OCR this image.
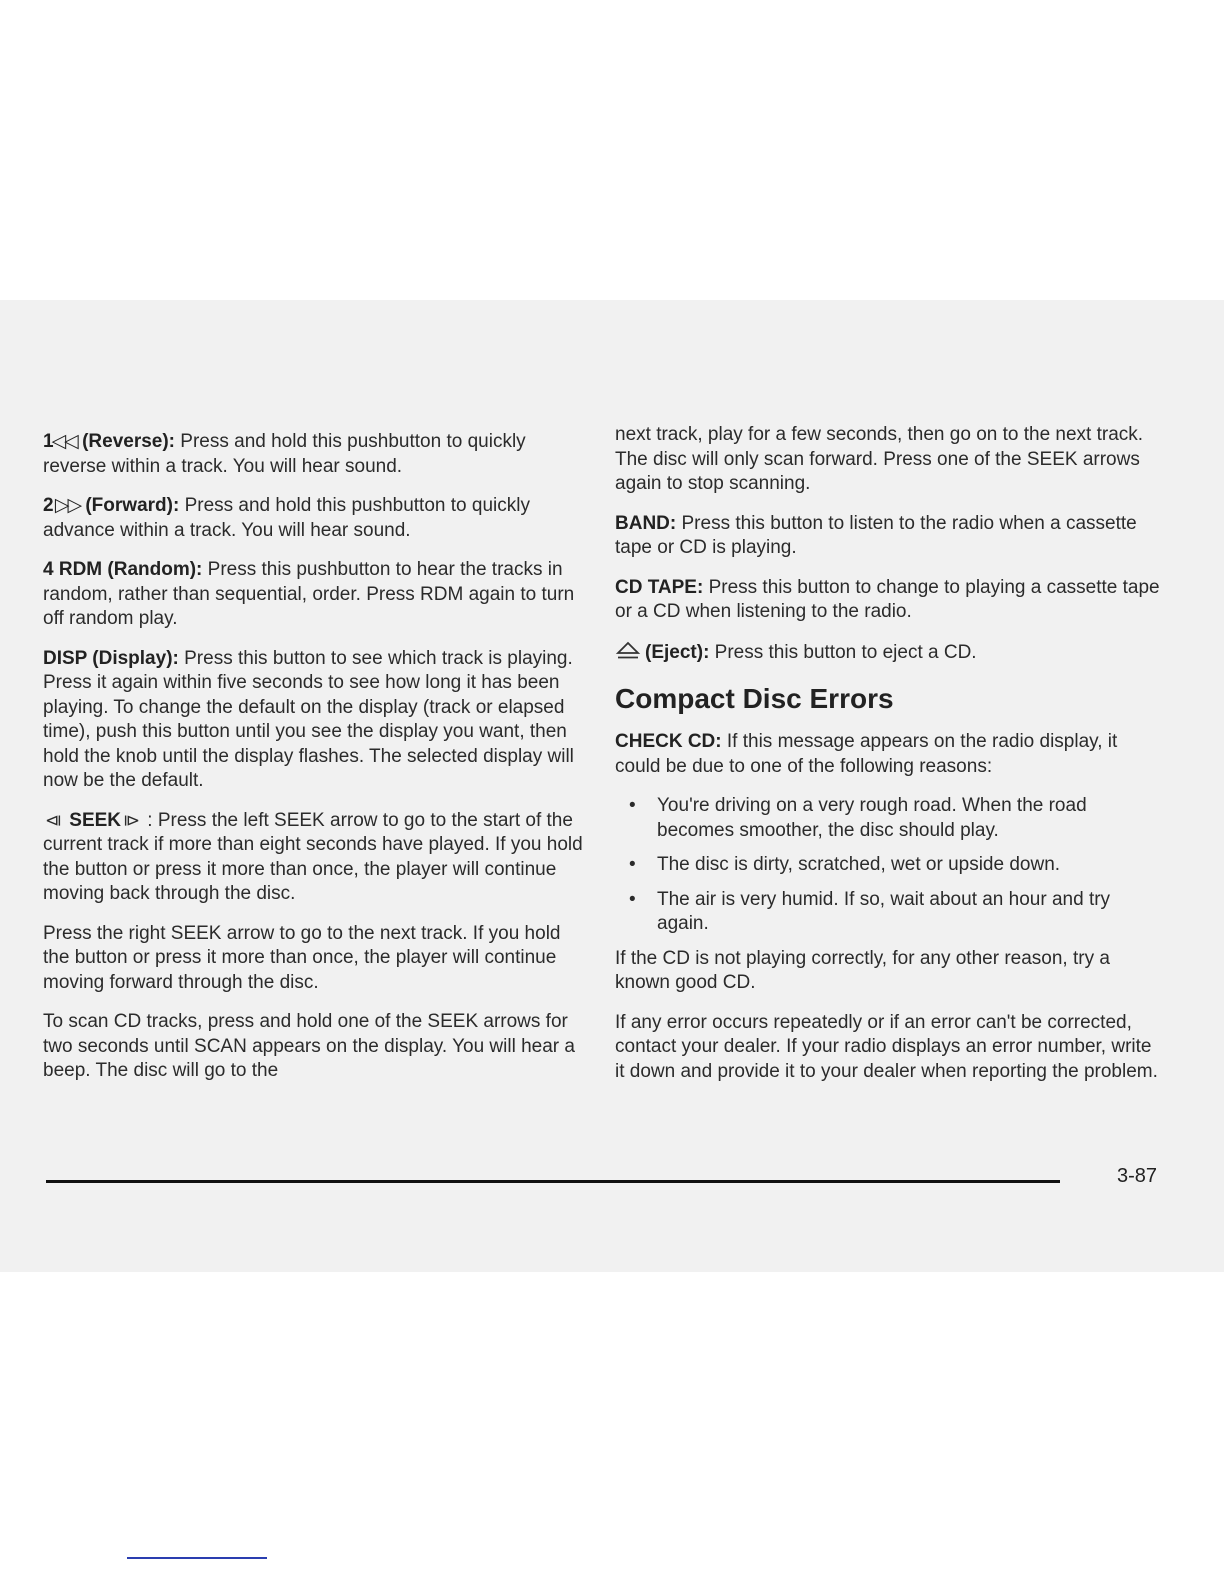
1◁◁ (Reverse): Press and hold this pushbutton to quickly reverse within a track. You will hear sound.

2 ▷▷ (Forward): Press and hold this pushbutton to quickly advance within a track. You will hear sound.

4 RDM (Random): Press this pushbutton to hear the tracks in random, rather than sequential, order. Press RDM again to turn off random play.

DISP (Display): Press this button to see which track is playing. Press it again within five seconds to see how long it has been playing. To change the default on the display (track or elapsed time), push this button until you see the display you want, then hold the knob until the display flashes. The selected display will now be the default.

⧏ SEEK ⧐ : Press the left SEEK arrow to go to the start of the current track if more than eight seconds have played. If you hold the button or press it more than once, the player will continue moving back through the disc.

Press the right SEEK arrow to go to the next track. If you hold the button or press it more than once, the player will continue moving forward through the disc.

To scan CD tracks, press and hold one of the SEEK arrows for two seconds until SCAN appears on the display. You will hear a beep. The disc will go to the

next track, play for a few seconds, then go on to the next track. The disc will only scan forward. Press one of the SEEK arrows again to stop scanning.

BAND: Press this button to listen to the radio when a cassette tape or CD is playing.

CD TAPE: Press this button to change to playing a cassette tape or a CD when listening to the radio.

(Eject): Press this button to eject a CD.

Compact Disc Errors

CHECK CD: If this message appears on the radio display, it could be due to one of the following reasons:

• You're driving on a very rough road. When the road becomes smoother, the disc should play.
• The disc is dirty, scratched, wet or upside down.
• The air is very humid. If so, wait about an hour and try again.

If the CD is not playing correctly, for any other reason, try a known good CD.

If any error occurs repeatedly or if an error can't be corrected, contact your dealer. If your radio displays an error number, write it down and provide it to your dealer when reporting the problem.

3-87
